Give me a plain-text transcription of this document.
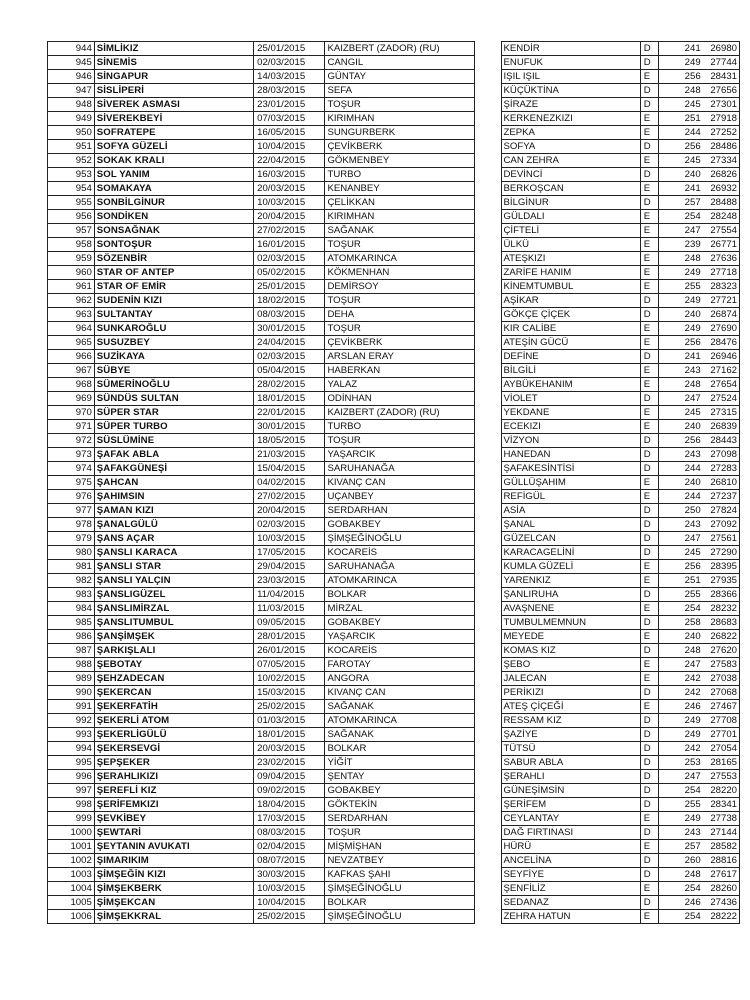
944	SİMLİKIZ	25/01/2015	KAIZBERT (ZADOR) (RU)		KENDİR	D	241	26980
945	SİNEMİS	02/03/2015	CANGIL		ENUFUK	D	249	27744
946	SİNGAPUR	14/03/2015	GÜNTAY		IŞIL IŞIL	E	256	28431
947	SİSLİPERİ	28/03/2015	SEFA		KÜÇÜKTİNA	D	248	27656
948	SİVEREK ASMASI	23/01/2015	TOŞUR		ŞİRAZE	D	245	27301
949	SİVEREKBEYİ	07/03/2015	KIRIMHAN		KERKENEZKIZI	E	251	27918
950	SOFRATEPE	16/05/2015	SUNGURBERK		ZEPKA	E	244	27252
951	SOFYA GÜZELİ	10/04/2015	ÇEVİKBERK		SOFYA	D	256	28486
952	SOKAK KRALI	22/04/2015	GÖKMENBEY		CAN ZEHRA	E	245	27334
953	SOL YANIM	16/03/2015	TURBO		DEVİNCİ	D	240	26826
954	SOMAKAYA	20/03/2015	KENANBEY		BERKOŞCAN	E	241	26932
955	SONBİLGİNUR	10/03/2015	ÇELİKKAN		BİLGİNUR	D	257	28488
956	SONDİKEN	20/04/2015	KIRIMHAN		GÜLDALI	E	254	28248
957	SONSAĞNAK	27/02/2015	SAĞANAK		ÇİFTELİ	E	247	27554
958	SONTOŞUR	16/01/2015	TOŞUR		ÜLKÜ	E	239	26771
959	SÖZENBİR	02/03/2015	ATOMKARINCA		ATEŞKIZI	E	248	27636
960	STAR OF ANTEP	05/02/2015	KÖKMENHAN		ZARİFE HANIM	E	249	27718
961	STAR OF EMİR	25/01/2015	DEMİRSOY		KİNEMTUMBUL	E	255	28323
962	SUDENİN KIZI	18/02/2015	TOŞUR		AŞİKAR	D	249	27721
963	SULTANTAY	08/03/2015	DEHA		GÖKÇE ÇİÇEK	D	240	26874
964	SUNKAROĞLU	30/01/2015	TOŞUR		KIR CALİBE	E	249	27690
965	SUSUZBEY	24/04/2015	ÇEVİKBERK		ATEŞİN GÜCÜ	E	256	28476
966	SUZİKAYA	02/03/2015	ARSLAN ERAY		DEFİNE	D	241	26946
967	SÜBYE	05/04/2015	HABERKAN		BİLGİLİ	E	243	27162
968	SÜMERİNOĞLU	28/02/2015	YALAZ		AYBÜKEHANIM	E	248	27654
969	SÜNDÜS SULTAN	18/01/2015	ODİNHAN		VİOLET	D	247	27524
970	SÜPER STAR	22/01/2015	KAIZBERT (ZADOR) (RU)		YEKDANE	E	245	27315
971	SÜPER TURBO	30/01/2015	TURBO		ECEKIZI	E	240	26839
972	SÜSLÜMİNE	18/05/2015	TOŞUR		VİZYON	D	256	28443
973	ŞAFAK ABLA	21/03/2015	YAŞARCIK		HANEDAN	D	243	27098
974	ŞAFAKGÜNEŞİ	15/04/2015	SARUHANAĞA		ŞAFAKESİNTİSİ	D	244	27283
975	ŞAHCAN	04/02/2015	KIVANÇ CAN		GÜLLÜŞAHIM	E	240	26810
976	ŞAHIMSIN	27/02/2015	UÇANBEY		REFİGÜL	E	244	27237
977	ŞAMAN KIZI	20/04/2015	SERDARHAN		ASİA	D	250	27824
978	ŞANALGÜLÜ	02/03/2015	GOBAKBEY		ŞANAL	D	243	27092
979	ŞANS AÇAR	10/03/2015	ŞİMŞEĞİNOĞLU		GÜZELCAN	D	247	27561
980	ŞANSLI KARACA	17/05/2015	KOCAREİS		KARACAGELİNİ	D	245	27290
981	ŞANSLI STAR	29/04/2015	SARUHANAĞA		KUMLA GÜZELİ	E	256	28395
982	ŞANSLI YALÇIN	23/03/2015	ATOMKARINCA		YARENKIZ	E	251	27935
983	ŞANSLIGÜZEL	11/04/2015	BOLKAR		ŞANLIRUHA	D	255	28366
984	ŞANSLIMİRZAL	11/03/2015	MİRZAL		AVAŞNENE	E	254	28232
985	ŞANSLITUMBUL	09/05/2015	GOBAKBEY		TUMBULMEMNUN	D	258	28683
986	ŞANŞİMŞEK	28/01/2015	YAŞARCIK		MEYEDE	E	240	26822
987	ŞARKIŞLALI	26/01/2015	KOCAREİS		KOMAS KIZ	D	248	27620
988	ŞEBOTAY	07/05/2015	FAROTAY		ŞEBO	E	247	27583
989	ŞEHZADECAN	10/02/2015	ANGORA		JALECAN	E	242	27038
990	ŞEKERCAN	15/03/2015	KIVANÇ CAN		PERİKIZI	D	242	27068
991	ŞEKERFATİH	25/02/2015	SAĞANAK		ATEŞ ÇİÇEĞİ	E	246	27467
992	ŞEKERLİ ATOM	01/03/2015	ATOMKARINCA		RESSAM KIZ	D	249	27708
993	ŞEKERLİGÜLÜ	18/01/2015	SAĞANAK		ŞAZİYE	D	249	27701
994	ŞEKERSEVGİ	20/03/2015	BOLKAR		TÜTSÜ	D	242	27054
995	ŞEPŞEKER	23/02/2015	YİĞİT		SABUR ABLA	D	253	28165
996	ŞERAHLIKIZI	09/04/2015	ŞENTAY		ŞERAHLI	D	247	27553
997	ŞEREFLİ KIZ	09/02/2015	GOBAKBEY		GÜNEŞİMSİN	D	254	28220
998	ŞERİFEMKIZI	18/04/2015	GÖKTEKİN		ŞERİFEM	D	255	28341
999	ŞEVKİBEY	17/03/2015	SERDARHAN		CEYLANTAY	E	249	27738
1000	ŞEWTARİ	08/03/2015	TOŞUR		DAĞ FIRTINASI	D	243	27144
1001	ŞEYTANIN AVUKATI	02/04/2015	MİŞMİŞHAN		HÜRÜ	E	257	28582
1002	ŞIMARIKIM	08/07/2015	NEVZATBEY		ANCELİNA	D	260	28816
1003	ŞİMŞEĞİN KIZI	30/03/2015	KAFKAS ŞAHI		SEYFİYE	D	248	27617
1004	ŞİMŞEKBERK	10/03/2015	ŞİMŞEĞİNOĞLU		ŞENFİLİZ	E	254	28260
1005	ŞİMŞEKCAN	10/04/2015	BOLKAR		SEDANAZ	D	246	27436
1006	ŞİMŞEKKRAL	25/02/2015	ŞİMŞEĞİNOĞLU		ZEHRA HATUN	E	254	28222
